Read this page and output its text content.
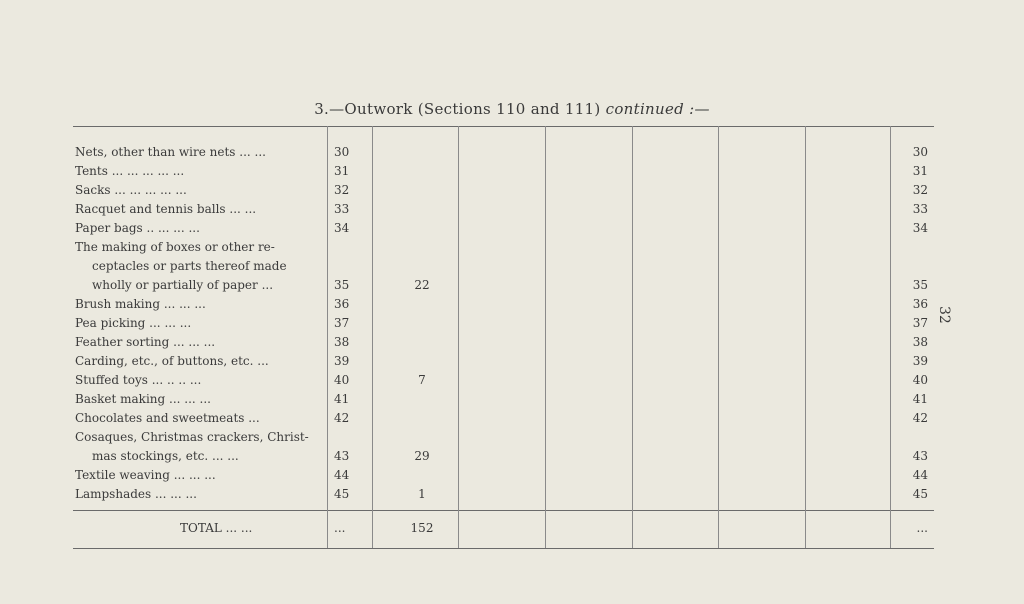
3.—Outwork (Sections 110 and 111) continued :—
32
Nets, other than wire nets ... ...	30	30
Tents ... ... ... ... ...	31	31
Sacks ... ... ... ... ...	32	32
Racquet and tennis balls ... ...	33	33
Paper bags .. ... ... ...	34	34
The making of boxes or other re-
ceptacles or parts thereof made
wholly or partially of paper ...	35	22	35
Brush making ... ... ...	36	36
Pea picking ... ... ...	37	37
Feather sorting ... ... ...	38	38
Carding, etc., of buttons, etc. ...	39	39
Stuffed toys ... .. .. ...	40	7	40
Basket making ... ... ...	41	41
Chocolates and sweetmeats ...	42	42
Cosaques, Christmas crackers, Christ-
mas stockings, etc. ... ...	43	29	43
Textile weaving ... ... ...	44	44
Lampshades ... ... ...	45	1	45
TOTAL ... ...	...	152	...
